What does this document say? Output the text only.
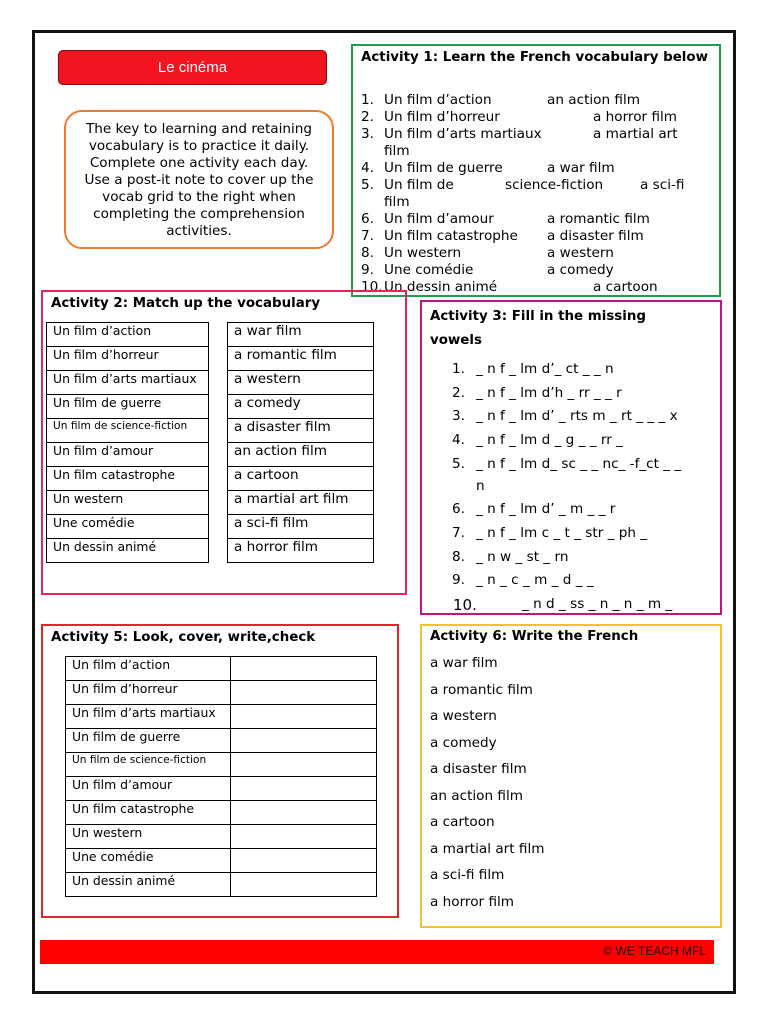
Le cinéma
The key to learning and retaining vocabulary is to practice it daily. Complete one activity each day. Use a post-it note to cover up the vocab grid to the right when completing the comprehension activities.
Activity 1: Learn the French vocabulary below
1. Un film d’action	an action film
2. Un film d’horreur	a horror film
3. Un film d’arts martiaux	a martial art
film
4. Un film de guerre	a war film
5. Un film de	science-fiction	a sci-fi
film
6. Un film d’amour	a romantic film
7. Un film catastrophe a disaster film
8. Un western	a western
9. Une comédie	a comedy
10. Un dessin animé	a cartoon
Activity 2: Match up the vocabulary
Un film d’action
Un film d’horreur
Un film d’arts martiaux
Un film de guerre
Un film de science-fiction
Un film d’amour
Un film catastrophe
Un western
Une comédie
Un dessin animé
a war film
a romantic film
a western
a comedy
a disaster film
an action film
a cartoon
a martial art film
a sci-fi film
a horror film
Activity 3: Fill in the missing vowels
1. _ n f _ lm d’_ ct _ _ n
2. _ n f _ lm d’h _ rr _ _ r
3. _ n f _ lm d’ _ rts m _ rt _ _ _ x
4. _ n f _ lm d _ g _ _ rr _
5. _ n f _ lm d_ sc _ _ nc_ -f_ct _ _
n
6. _ n f _ lm d’ _ m _ _ r
7. _ n f _ lm c _ t _ str _ ph _
8. _ n w _ st _ rn
9. _ n _ c _ m _ d _ _
10.	_ n d _ ss _ n _ n _ m _
Activity 5: Look, cover, write,check
Un film d’action	
Un film d’horreur	
Un film d’arts martiaux	
Un film de guerre	
Un film de science-fiction	
Un film d’amour	
Un film catastrophe	
Un western	
Une comédie	
Un dessin animé	
Activity 6: Write the French
a war film
a romantic film
a western
a comedy
a disaster film
an action film
a cartoon
a martial art film
a sci-fi film
a horror film
© WE TEACH MFL
